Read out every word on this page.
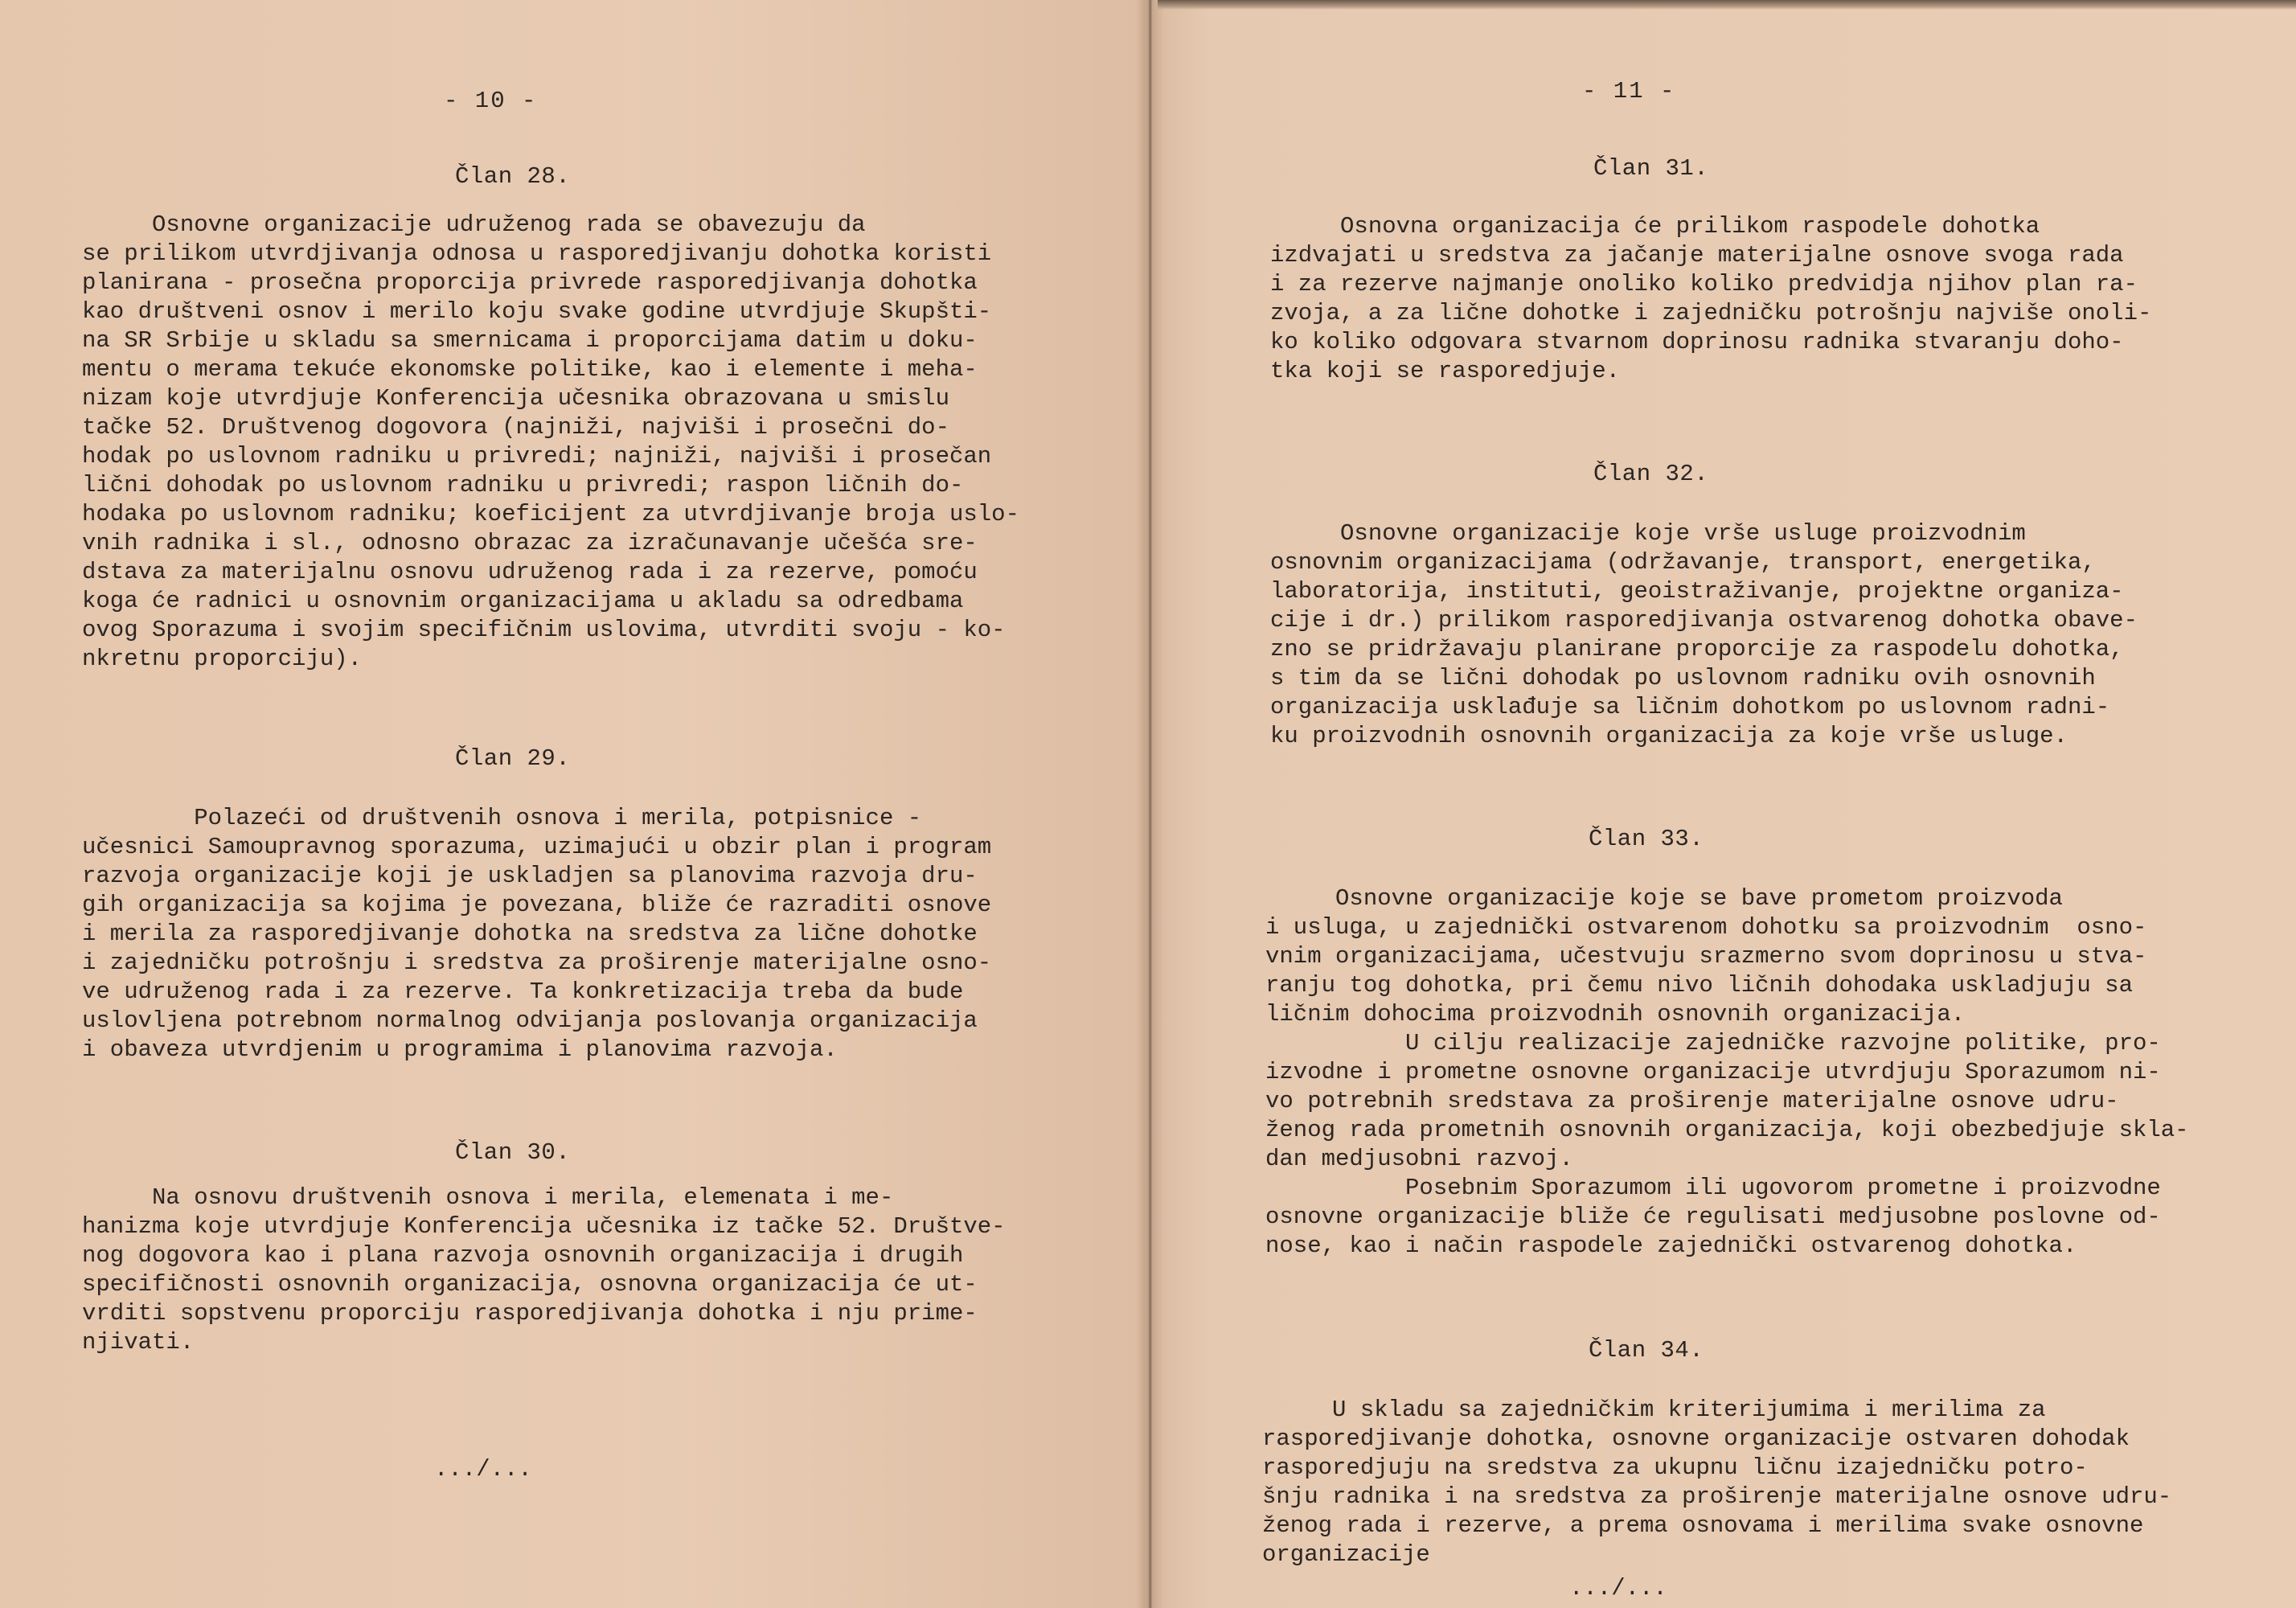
- 10 -
Član 28.
Osnovne organizacije udruženog rada se obavezuju da
se prilikom utvrdjivanja odnosa u rasporedjivanju dohotka koristi
planirana - prosečna proporcija privrede rasporedjivanja dohotka
kao društveni osnov i merilo koju svake godine utvrdjuje Skupšti-
na SR Srbije u skladu sa smernicama i proporcijama datim u doku-
mentu o merama tekuće ekonomske politike, kao i elemente i meha-
nizam koje utvrdjuje Konferencija učesnika obrazovana u smislu
tačke 52. Društvenog dogovora (najniži, najviši i prosečni do-
hodak po uslovnom radniku u privredi; najniži, najviši i prosečan
lični dohodak po uslovnom radniku u privredi; raspon ličnih do-
hodaka po uslovnom radniku; koeficijent za utvrdjivanje broja uslo-
vnih radnika i sl., odnosno obrazac za izračunavanje učešća sre-
dstava za materijalnu osnovu udruženog rada i za rezerve, pomoću
koga će radnici u osnovnim organizacijama u akladu sa odredbama
ovog Sporazuma i svojim specifičnim uslovima, utvrditi svoju - ko-
nkretnu proporciju).
Član 29.
Polazeći od društvenih osnova i merila, potpisnice -
učesnici Samoupravnog sporazuma, uzimajući u obzir plan i program
razvoja organizacije koji je uskladjen sa planovima razvoja dru-
gih organizacija sa kojima je povezana, bliže će razraditi osnove
i merila za rasporedjivanje dohotka na sredstva za lične dohotke
i zajedničku potrošnju i sredstva za proširenje materijalne osno-
ve udruženog rada i za rezerve. Ta konkretizacija treba da bude
uslovljena potrebnom normalnog odvijanja poslovanja organizacija
i obaveza utvrdjenim u programima i planovima razvoja.
Član 30.
Na osnovu društvenih osnova i merila, elemenata i me-
hanizma koje utvrdjuje Konferencija učesnika iz tačke 52. Društve-
nog dogovora kao i plana razvoja osnovnih organizacija i drugih
specifičnosti osnovnih organizacija, osnovna organizacija će ut-
vrditi sopstvenu proporciju rasporedjivanja dohotka i nju prime-
njivati.
.../...
- 11 -
Član 31.
Osnovna organizacija će prilikom raspodele dohotka
izdvajati u sredstva za jačanje materijalne osnove svoga rada
i za rezerve najmanje onoliko koliko predvidja njihov plan ra-
zvoja, a za lične dohotke i zajedničku potrošnju najviše onoli-
ko koliko odgovara stvarnom doprinosu radnika stvaranju doho-
tka koji se rasporedjuje.
Član 32.
Osnovne organizacije koje vrše usluge proizvodnim
osnovnim organizacijama (održavanje, transport, energetika,
laboratorija, instituti, geoistraživanje, projektne organiza-
cije i dr.) prilikom rasporedjivanja ostvarenog dohotka obave-
zno se pridržavaju planirane proporcije za raspodelu dohotka,
s tim da se lični dohodak po uslovnom radniku ovih osnovnih
organizacija usklađuje sa ličnim dohotkom po uslovnom radni-
ku proizvodnih osnovnih organizacija za koje vrše usluge.
Član 33.
Osnovne organizacije koje se bave prometom proizvoda
i usluga, u zajednički ostvarenom dohotku sa proizvodnim  osno-
vnim organizacijama, učestvuju srazmerno svom doprinosu u stva-
ranju tog dohotka, pri čemu nivo ličnih dohodaka uskladjuju sa
ličnim dohocima proizvodnih osnovnih organizacija.
U cilju realizacije zajedničke razvojne politike, pro-
izvodne i prometne osnovne organizacije utvrdjuju Sporazumom ni-
vo potrebnih sredstava za proširenje materijalne osnove udru-
ženog rada prometnih osnovnih organizacija, koji obezbedjuje skla-
dan medjusobni razvoj.
Posebnim Sporazumom ili ugovorom prometne i proizvodne
osnovne organizacije bliže će regulisati medjusobne poslovne od-
nose, kao i način raspodele zajednički ostvarenog dohotka.
Član 34.
U skladu sa zajedničkim kriterijumima i merilima za
rasporedjivanje dohotka, osnovne organizacije ostvaren dohodak
rasporedjuju na sredstva za ukupnu ličnu izajedničku potro-
šnju radnika i na sredstva za proširenje materijalne osnove udru-
ženog rada i rezerve, a prema osnovama i merilima svake osnovne
organizacije
.../...
